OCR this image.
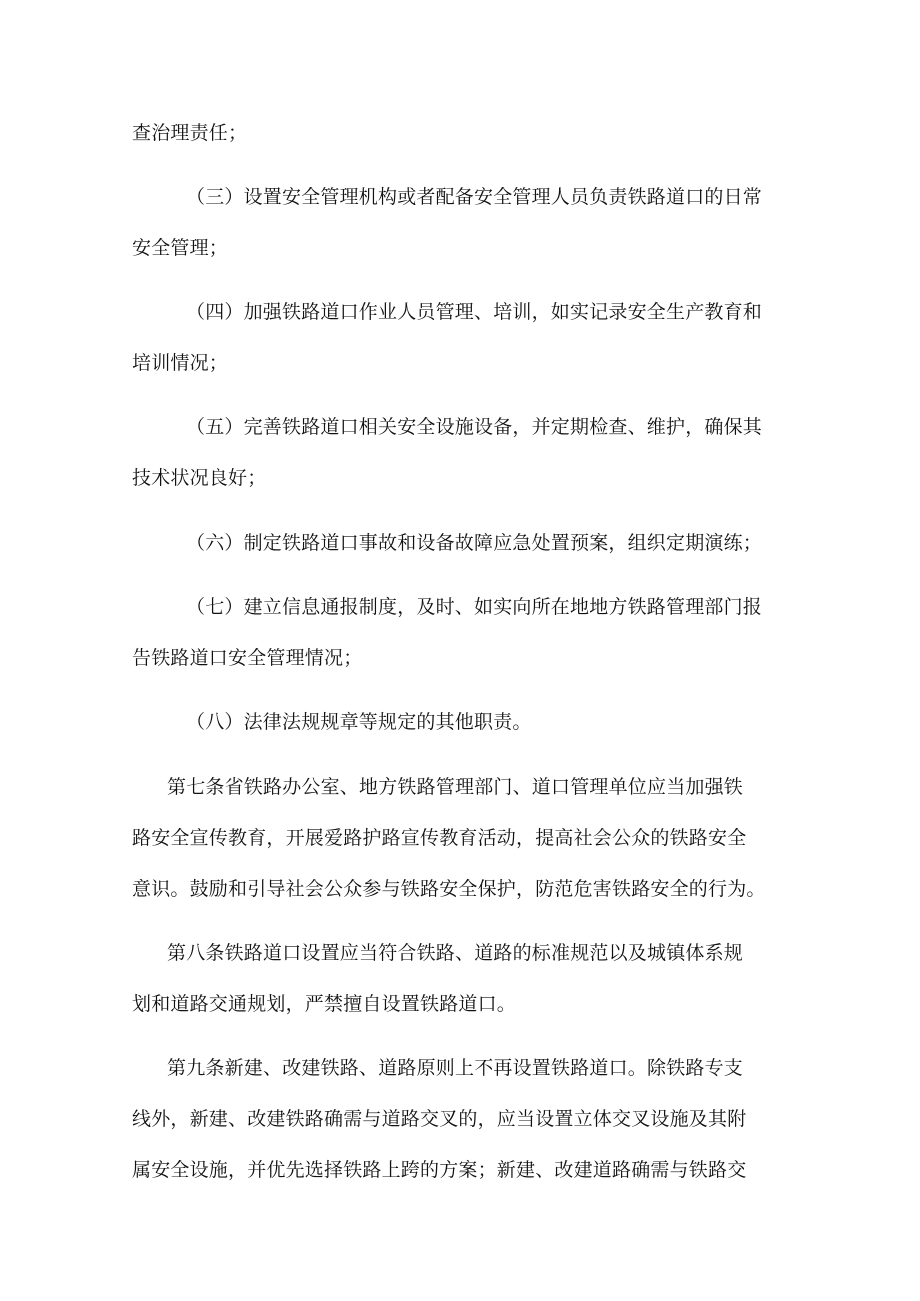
查治理责任；
（三）设置安全管理机构或者配备安全管理人员负责铁路道口的日常
安全管理；
（四）加强铁路道口作业人员管理、培训，如实记录安全生产教育和
培训情况；
（五）完善铁路道口相关安全设施设备，并定期检查、维护，确保其
技术状况良好；
（六）制定铁路道口事故和设备故障应急处置预案，组织定期演练；
（七）建立信息通报制度，及时、如实向所在地地方铁路管理部门报
告铁路道口安全管理情况；
（八）法律法规规章等规定的其他职责。
第七条省铁路办公室、地方铁路管理部门、道口管理单位应当加强铁
路安全宣传教育，开展爱路护路宣传教育活动，提高社会公众的铁路安全
意识。鼓励和引导社会公众参与铁路安全保护，防范危害铁路安全的行为。
第八条铁路道口设置应当符合铁路、道路的标准规范以及城镇体系规
划和道路交通规划，严禁擅自设置铁路道口。
第九条新建、改建铁路、道路原则上不再设置铁路道口。除铁路专支
线外，新建、改建铁路确需与道路交叉的，应当设置立体交叉设施及其附
属安全设施，并优先选择铁路上跨的方案；新建、改建道路确需与铁路交
